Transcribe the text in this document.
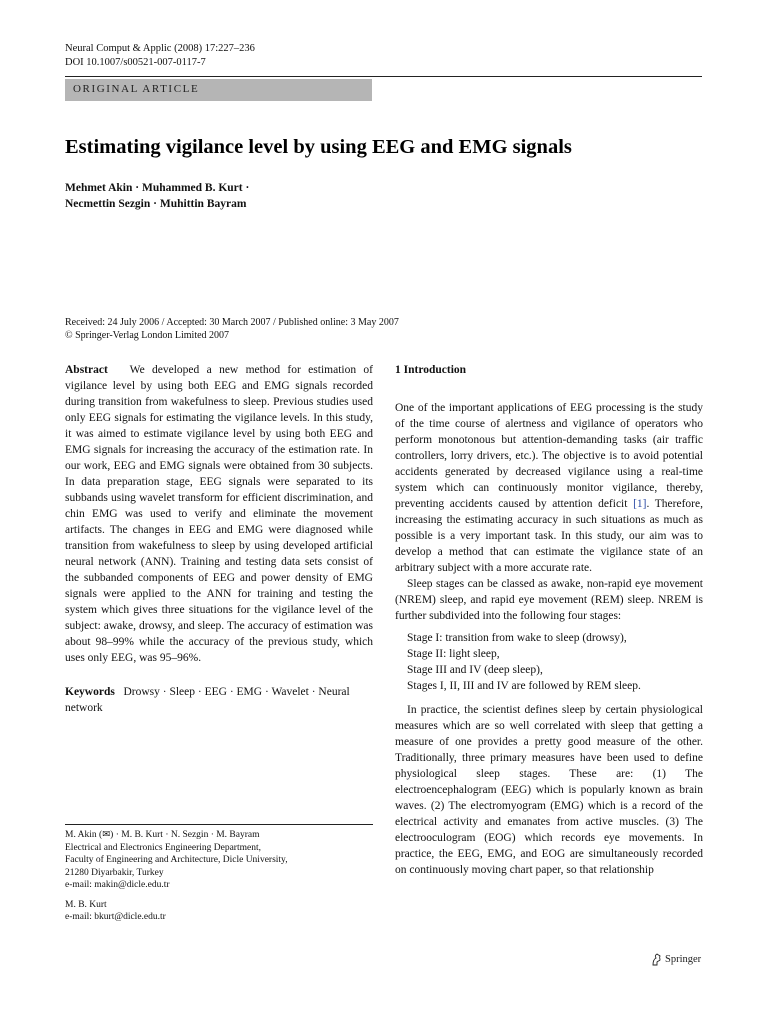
Neural Comput & Applic (2008) 17:227–236
DOI 10.1007/s00521-007-0117-7
ORIGINAL ARTICLE
Estimating vigilance level by using EEG and EMG signals
Mehmet Akin · Muhammed B. Kurt ·
Necmettin Sezgin · Muhittin Bayram
Received: 24 July 2006 / Accepted: 30 March 2007 / Published online: 3 May 2007
© Springer-Verlag London Limited 2007

Abstract We developed a new method for estimation of vigilance level by using both EEG and EMG signals recorded during transition from wakefulness to sleep. Previous studies used only EEG signals for estimating the vigilance levels. In this study, it was aimed to estimate vigilance level by using both EEG and EMG signals for increasing the accuracy of the estimation rate. In our work, EEG and EMG signals were obtained from 30 subjects. In data preparation stage, EEG signals were separated to its subbands using wavelet transform for efficient discrimination, and chin EMG was used to verify and eliminate the movement artifacts. The changes in EEG and EMG were diagnosed while transition from wakefulness to sleep by using developed artificial neural network (ANN). Training and testing data sets consist of the subbanded components of EEG and power density of EMG signals were applied to the ANN for training and testing the system which gives three situations for the vigilance level of the subject: awake, drowsy, and sleep. The accuracy of estimation was about 98–99% while the accuracy of the previous study, which uses only EEG, was 95–96%.

Keywords Drowsy · Sleep · EEG · EMG · Wavelet · Neural network

M. Akin (✉) · M. B. Kurt · N. Sezgin · M. Bayram
Electrical and Electronics Engineering Department,
Faculty of Engineering and Architecture, Dicle University,
21280 Diyarbakir, Turkey
e-mail: makin@dicle.edu.tr
M. B. Kurt
e-mail: bkurt@dicle.edu.tr

1 Introduction

One of the important applications of EEG processing is the study of the time course of alertness and vigilance of operators who perform monotonous but attention-demanding tasks (air traffic controllers, lorry drivers, etc.). The objective is to avoid potential accidents generated by decreased vigilance using a real-time system which can continuously monitor vigilance, thereby, preventing accidents caused by attention deficit [1]. Therefore, increasing the estimating accuracy in such situations as much as possible is a very important task. In this study, our aim was to develop a method that can estimate the vigilance state of an arbitrary subject with a more accurate rate.

Sleep stages can be classed as awake, non-rapid eye movement (NREM) sleep, and rapid eye movement (REM) sleep. NREM is further subdivided into the following four stages:

Stage I: transition from wake to sleep (drowsy),
Stage II: light sleep,
Stage III and IV (deep sleep),
Stages I, II, III and IV are followed by REM sleep.

In practice, the scientist defines sleep by certain physiological measures which are so well correlated with sleep that getting a measure of one provides a pretty good measure of the other. Traditionally, three primary measures have been used to define physiological sleep stages. These are: (1) The electroencephalogram (EEG) which is popularly known as brain waves. (2) The electromyogram (EMG) which is a record of the electrical activity and emanates from active muscles. (3) The electrooculogram (EOG) which records eye movements. In practice, the EEG, EMG, and EOG are simultaneously recorded on continuously moving chart paper, so that relationship

Springer
